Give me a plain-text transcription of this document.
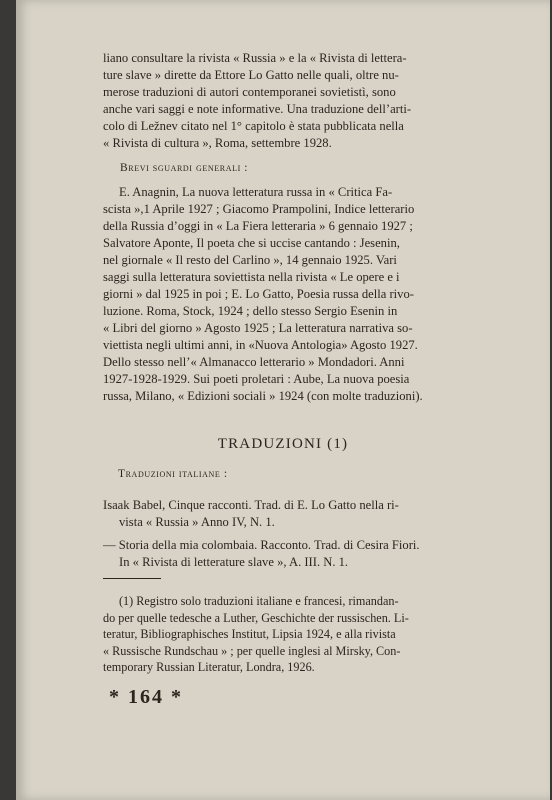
liano consultare la rivista « Russia » e la « Rivista di lettera-
ture slave » dirette da Ettore Lo Gatto nelle quali, oltre nu-
merose traduzioni di autori contemporanei sovietistì, sono
anche vari saggi e note informative. Una traduzione dell’arti-
colo di Ležnev citato nel 1° capitolo è stata pubblicata nella
« Rivista di cultura », Roma, settembre 1928.
Brevi sguardi generali :
E. Anagnin, La nuova letteratura russa in « Critica Fa-
scista »,1 Aprile 1927 ; Giacomo Prampolini, Indice letterario
della Russia d’oggi in « La Fiera letteraria » 6 gennaio 1927 ;
Salvatore Aponte, Il poeta che si uccise cantando : Jesenin,
nel giornale « Il resto del Carlino », 14 gennaio 1925. Vari
saggi sulla letteratura soviettista nella rivista « Le opere e i
giorni » dal 1925 in poi ; E. Lo Gatto, Poesia russa della rivo-
luzione. Roma, Stock, 1924 ; dello stesso Sergio Esenin in
« Libri del giorno » Agosto 1925 ; La letteratura narrativa so-
viettista negli ultimi anni, in «Nuova Antologia» Agosto 1927.
Dello stesso nell’« Almanacco letterario » Mondadori. Anni
1927-1928-1929. Sui poeti proletari : Aube, La nuova poesia
russa, Milano, « Edizioni sociali » 1924 (con molte traduzioni).
TRADUZIONI (1)
Traduzioni italiane :
Isaak Babel, Cinque racconti. Trad. di E. Lo Gatto nella ri-
vista « Russia » Anno IV, N. 1.
— Storia della mia colombaia. Racconto. Trad. di Cesira Fiori.
In « Rivista di letterature slave », A. III. N. 1.
(1) Registro solo traduzioni italiane e francesi, rimandan-
do per quelle tedesche a Luther, Geschichte der russischen. Li-
teratur, Bibliographisches Institut, Lipsia 1924, e alla rivista
« Russische Rundschau » ; per quelle inglesi al Mirsky, Con-
temporary Russian Literatur, Londra, 1926.
* 164 *
